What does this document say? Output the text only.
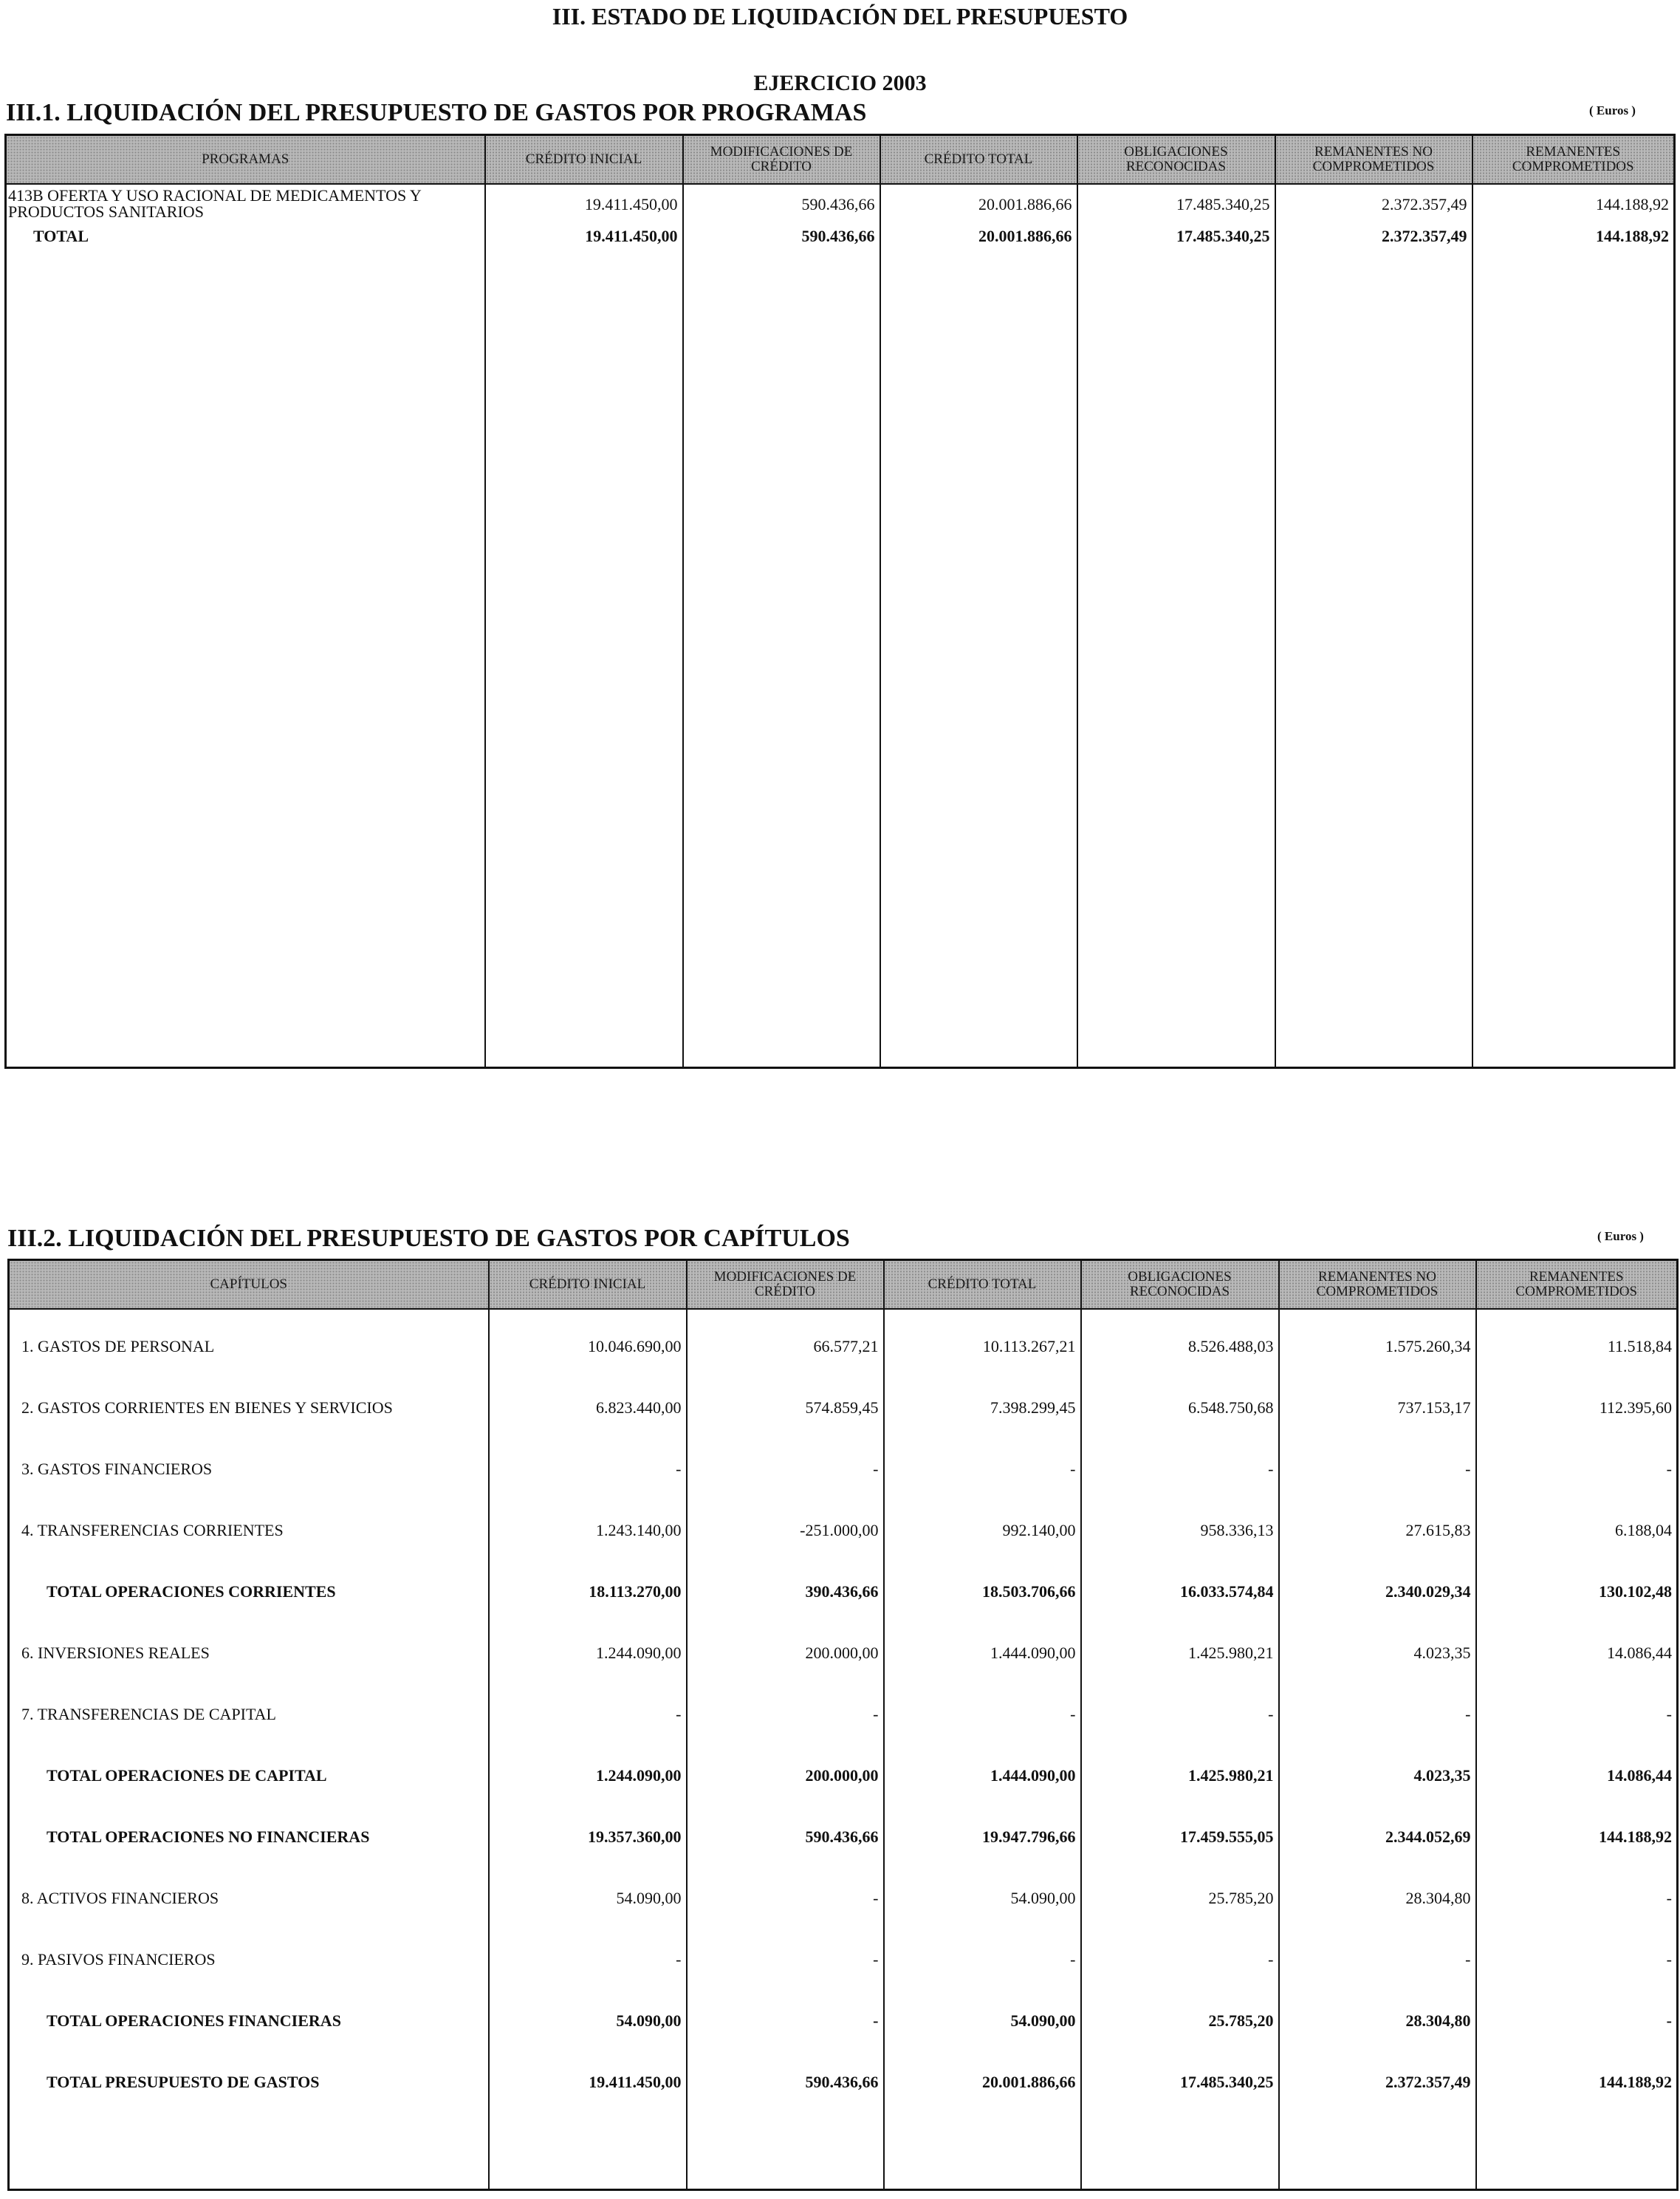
III. ESTADO DE LIQUIDACIÓN DEL PRESUPUESTO
EJERCICIO 2003
III.1. LIQUIDACIÓN DEL PRESUPUESTO DE GASTOS POR PROGRAMAS	( Euros )
PROGRAMAS	CRÉDITO INICIAL	MODIFICACIONES DE CRÉDITO	CRÉDITO TOTAL	OBLIGACIONES RECONOCIDAS	REMANENTES NO COMPROMETIDOS	REMANENTES COMPROMETIDOS
413B OFERTA Y USO RACIONAL DE MEDICAMENTOS Y PRODUCTOS SANITARIOS	19.411.450,00	590.436,66	20.001.886,66	17.485.340,25	2.372.357,49	144.188,92
TOTAL	19.411.450,00	590.436,66	20.001.886,66	17.485.340,25	2.372.357,49	144.188,92

III.2. LIQUIDACIÓN DEL PRESUPUESTO DE GASTOS POR CAPÍTULOS	( Euros )
CAPÍTULOS	CRÉDITO INICIAL	MODIFICACIONES DE CRÉDITO	CRÉDITO TOTAL	OBLIGACIONES RECONOCIDAS	REMANENTES NO COMPROMETIDOS	REMANENTES COMPROMETIDOS

1. GASTOS DE PERSONAL	10.046.690,00	66.577,21	10.113.267,21	8.526.488,03	1.575.260,34	11.518,84
2. GASTOS CORRIENTES EN BIENES Y SERVICIOS	6.823.440,00	574.859,45	7.398.299,45	6.548.750,68	737.153,17	112.395,60
3. GASTOS FINANCIEROS	-	-	-	-	-	-
4. TRANSFERENCIAS CORRIENTES	1.243.140,00	-251.000,00	992.140,00	958.336,13	27.615,83	6.188,04
TOTAL OPERACIONES CORRIENTES	18.113.270,00	390.436,66	18.503.706,66	16.033.574,84	2.340.029,34	130.102,48
6. INVERSIONES REALES	1.244.090,00	200.000,00	1.444.090,00	1.425.980,21	4.023,35	14.086,44
7. TRANSFERENCIAS DE CAPITAL	-	-	-	-	-	-
TOTAL OPERACIONES DE CAPITAL	1.244.090,00	200.000,00	1.444.090,00	1.425.980,21	4.023,35	14.086,44
TOTAL OPERACIONES NO FINANCIERAS	19.357.360,00	590.436,66	19.947.796,66	17.459.555,05	2.344.052,69	144.188,92
8. ACTIVOS FINANCIEROS	54.090,00	-	54.090,00	25.785,20	28.304,80	-
9. PASIVOS FINANCIEROS	-	-	-	-	-	-
TOTAL OPERACIONES FINANCIERAS	54.090,00	-	54.090,00	25.785,20	28.304,80	-
TOTAL PRESUPUESTO DE GASTOS	19.411.450,00	590.436,66	20.001.886,66	17.485.340,25	2.372.357,49	144.188,92
